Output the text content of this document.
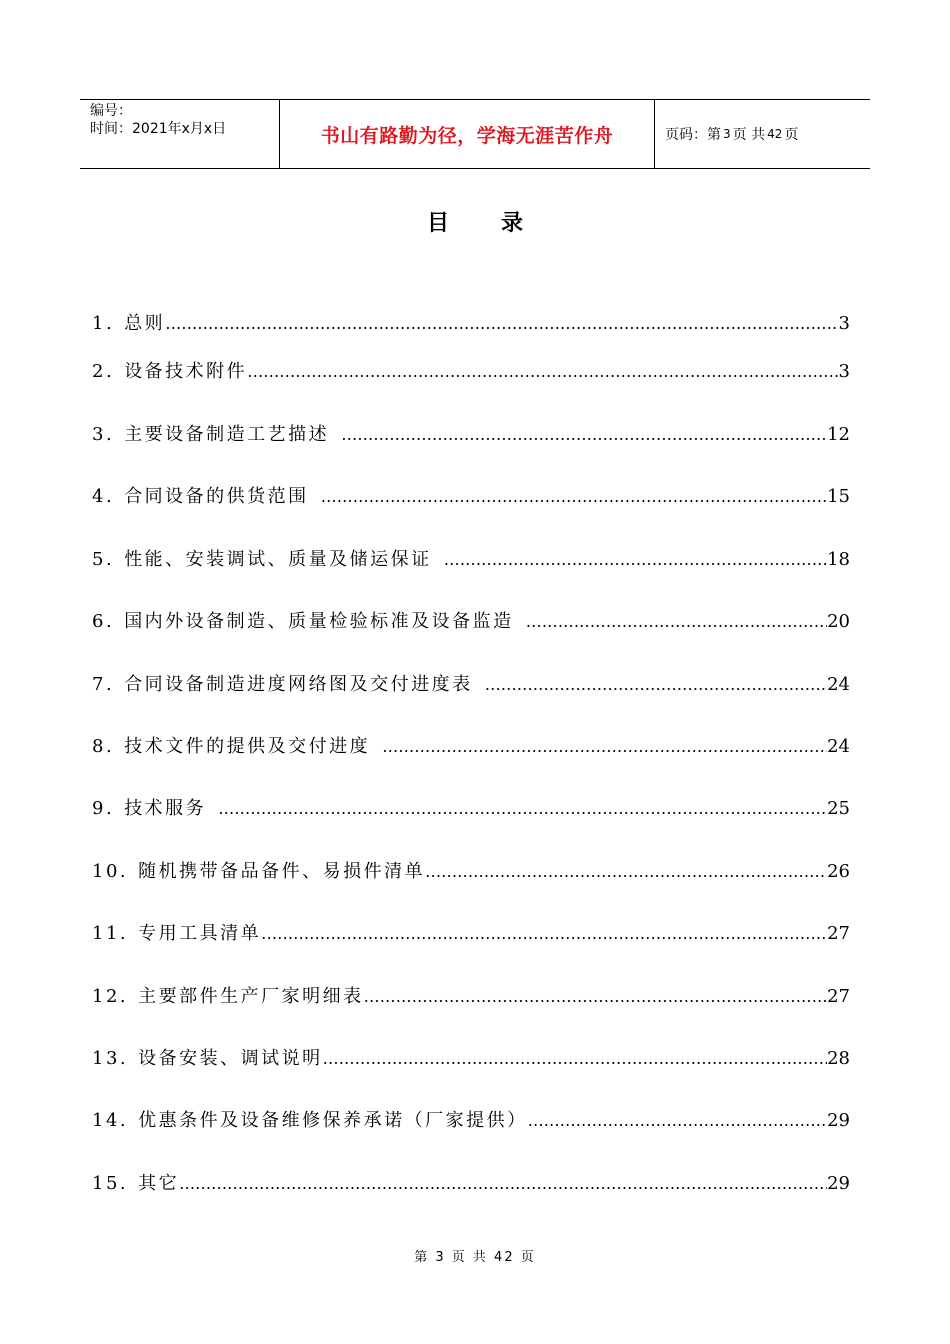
编号：
时间：2021年x月x日	书山有路勤为径，学海无涯苦作舟	页码：第 3 页 共 42 页
目录
1. 总则 …………………………………………………………………………………………………………………………………………………………………………	3
2. 设备技术附件 …………………………………………………………………………………………………………………………………………………………………………	3
3. 主要设备制造工艺描述 …………………………………………………………………………………………………………………………………………………………………………	12
4. 合同设备的供货范围 …………………………………………………………………………………………………………………………………………………………………………	15
5. 性能、安装调试、质量及储运保证 …………………………………………………………………………………………………………………………………………………………………………	18
6. 国内外设备制造、质量检验标准及设备监造 …………………………………………………………………………………………………………………………………………………………………………	20
7. 合同设备制造进度网络图及交付进度表 …………………………………………………………………………………………………………………………………………………………………………	24
8. 技术文件的提供及交付进度 …………………………………………………………………………………………………………………………………………………………………………	24
9. 技术服务 …………………………………………………………………………………………………………………………………………………………………………	25
10. 随机携带备品备件、易损件清单 …………………………………………………………………………………………………………………………………………………………………………	26
11. 专用工具清单 …………………………………………………………………………………………………………………………………………………………………………	27
12. 主要部件生产厂家明细表 …………………………………………………………………………………………………………………………………………………………………………	27
13. 设备安装、调试说明 …………………………………………………………………………………………………………………………………………………………………………	28
14. 优惠条件及设备维修保养承诺（厂家提供） …………………………………………………………………………………………………………………………………………………………………………	29
15. 其它 …………………………………………………………………………………………………………………………………………………………………………	29
第 3 页 共 42 页
